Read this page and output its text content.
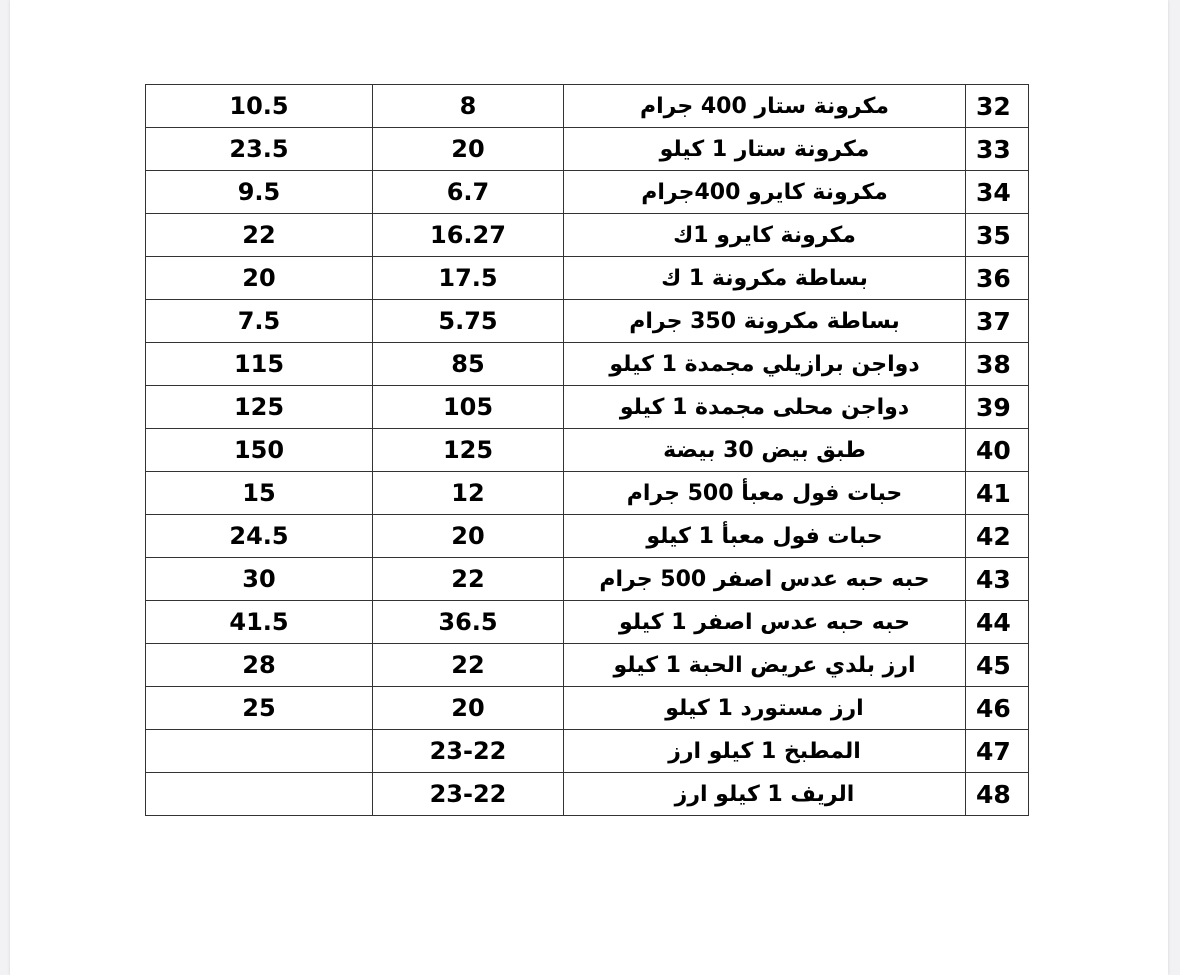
10.5	8	مكرونة ستار 400 جرام	32
23.5	20	مكرونة ستار 1 كيلو	33
9.5	6.7	مكرونة كايرو 400جرام	34
22	16.27	مكرونة كايرو 1ك	35
20	17.5	بساطة مكرونة 1 ك	36
7.5	5.75	بساطة مكرونة 350 جرام	37
115	85	دواجن برازيلي مجمدة 1 كيلو	38
125	105	دواجن محلى مجمدة 1 كيلو	39
150	125	طبق بيض 30 بيضة	40
15	12	حبات فول معبأ 500 جرام	41
24.5	20	حبات فول معبأ 1 كيلو	42
30	22	حبه حبه عدس اصفر 500 جرام	43
41.5	36.5	حبه حبه عدس اصفر 1 كيلو	44
28	22	ارز بلدي عريض الحبة 1 كيلو	45
25	20	ارز مستورد 1 كيلو	46
	23-22	المطبخ 1 كيلو ارز	47
	23-22	الريف 1 كيلو ارز	48
